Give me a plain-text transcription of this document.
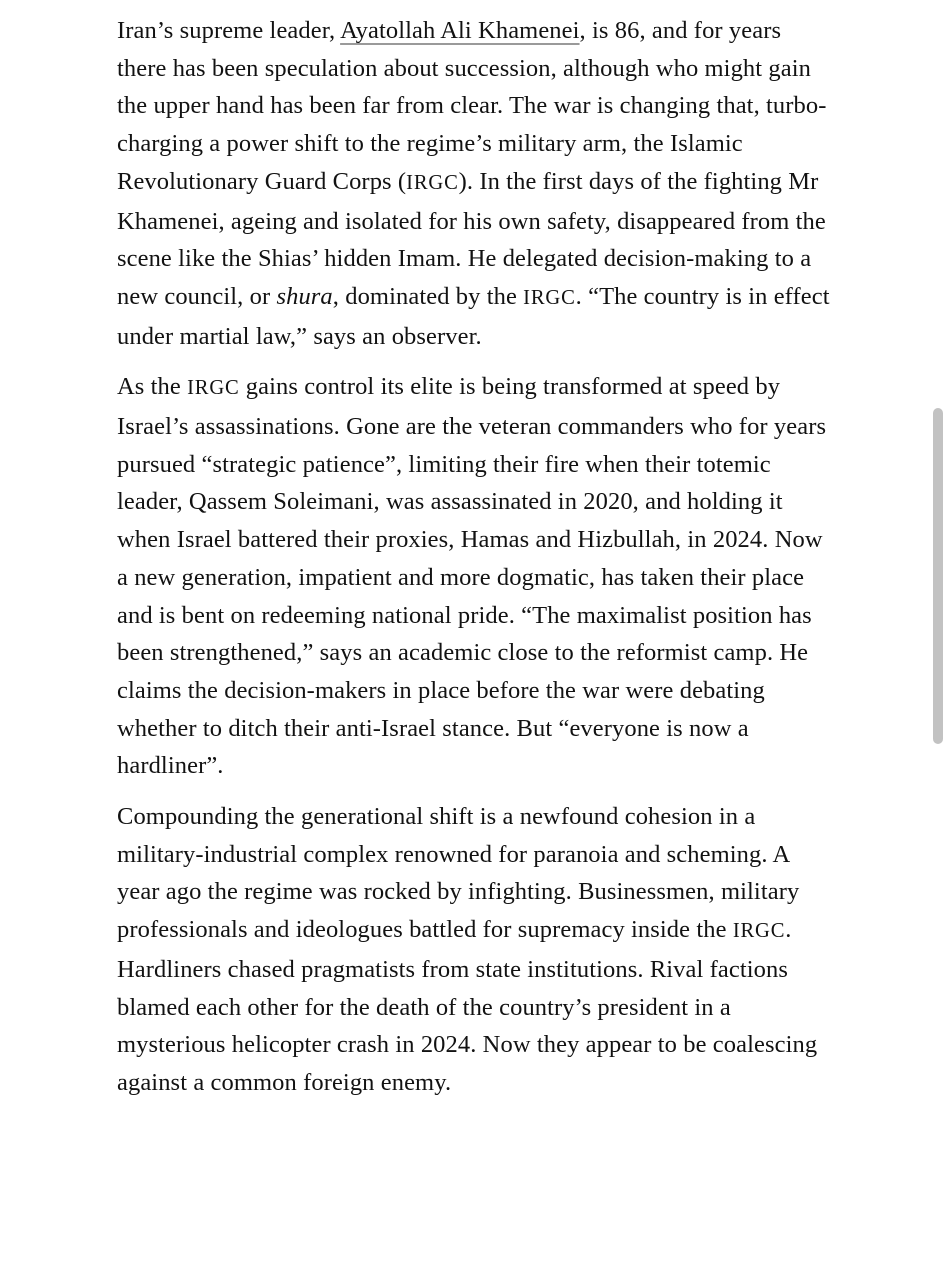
Iran’s supreme leader, Ayatollah Ali Khamenei, is 86, and for years there has been speculation about succession, although who might gain the upper hand has been far from clear. The war is changing that, turbo-charging a power shift to the regime’s military arm, the Islamic Revolutionary Guard Corps (IRGC). In the first days of the fighting Mr Khamenei, ageing and isolated for his own safety, disappeared from the scene like the Shias’ hidden Imam. He delegated decision-making to a new council, or shura, dominated by the IRGC. “The country is in effect under martial law,” says an observer.

As the IRGC gains control its elite is being transformed at speed by Israel’s assassinations. Gone are the veteran commanders who for years pursued “strategic patience”, limiting their fire when their totemic leader, Qassem Soleimani, was assassinated in 2020, and holding it when Israel battered their proxies, Hamas and Hizbullah, in 2024. Now a new generation, impatient and more dogmatic, has taken their place and is bent on redeeming national pride. “The maximalist position has been strengthened,” says an academic close to the reformist camp. He claims the decision-makers in place before the war were debating whether to ditch their anti-Israel stance. But “everyone is now a hardliner”.

Compounding the generational shift is a newfound cohesion in a military-industrial complex renowned for paranoia and scheming. A year ago the regime was rocked by infighting. Businessmen, military professionals and ideologues battled for supremacy inside the IRGC. Hardliners chased pragmatists from state institutions. Rival factions blamed each other for the death of the country’s president in a mysterious helicopter crash in 2024. Now they appear to be coalescing against a common foreign enemy.
